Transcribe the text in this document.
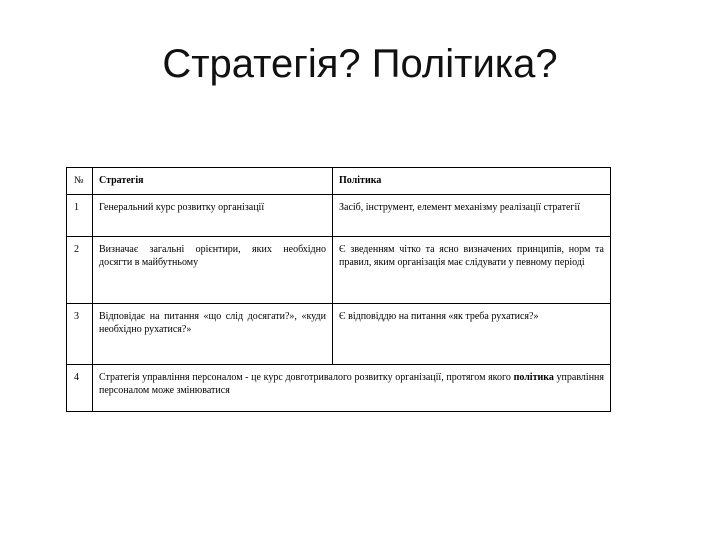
Стратегія? Політика?
№	Стратегія	Політика
1	Генеральний курс розвитку організації	Засіб, інструмент, елемент механізму реалізації стратегії
2	Визначає загальні орієнтири, яких необхідно досягти в майбутньому	Є зведенням чітко та ясно визначених принципів, норм та правил, яким організація має слідувати у певному періоді
3	Відповідає на питання «що слід досягати?», «куди необхідно рухатися?»	Є відповіддю на питання «як треба рухатися?»
4	Стратегія управління персоналом - це курс довготривалого розвитку організації, протягом якого політика управління персоналом може змінюватися	
